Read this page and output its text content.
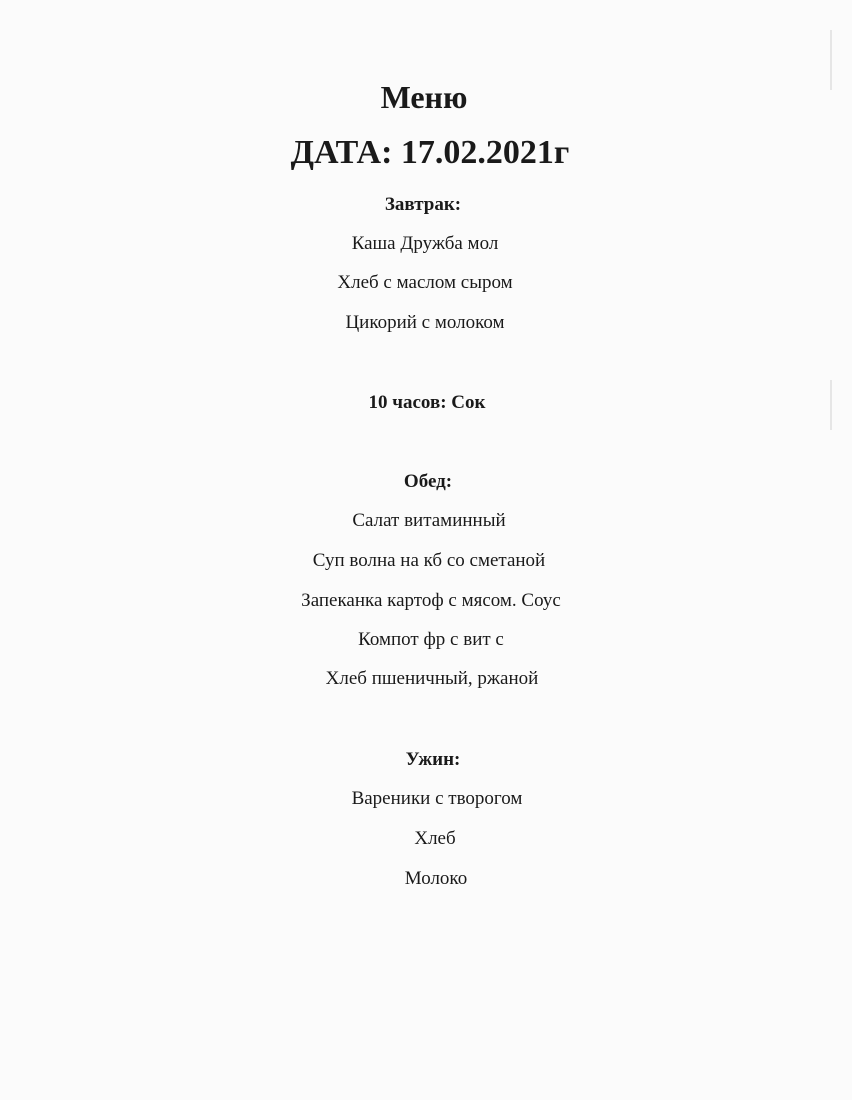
Меню
ДАТА: 17.02.2021г
Завтрак:
Каша Дружба мол
Хлеб с маслом сыром
Цикорий с молоком
10 часов: Сок
Обед:
Салат витаминный
Суп волна на кб со сметаной
Запеканка картоф с мясом. Соус
Компот фр с вит с
Хлеб пшеничный, ржаной
Ужин:
Вареники с творогом
Хлеб
Молоко
